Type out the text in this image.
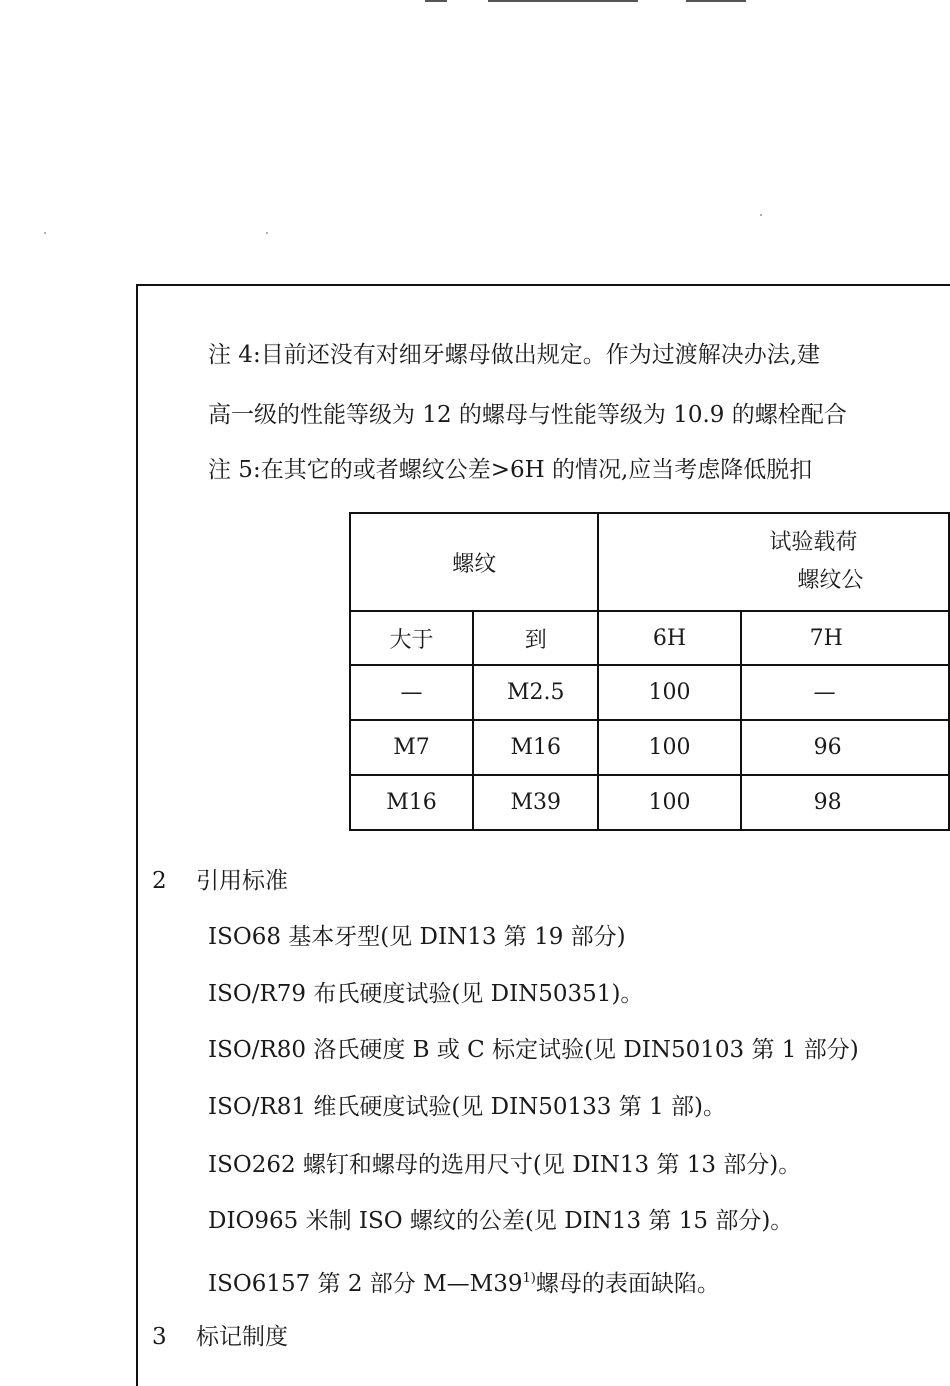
注 4:目前还没有对细牙螺母做出规定。作为过渡解决办法,建
高一级的性能等级为 12 的螺母与性能等级为 10.9 的螺栓配合
注 5:在其它的或者螺纹公差>6H 的情况,应当考虑降低脱扣
螺纹		试验载荷
螺纹公	

大于	到	6H	7H
—	M2.5	100	—
M7	M16	100	96
M16	M39	100	98
2 引用标准
ISO68 基本牙型(见 DIN13 第 19 部分)
ISO/R79 布氏硬度试验(见 DIN50351)。
ISO/R80 洛氏硬度 B 或 C 标定试验(见 DIN50103 第 1 部分)
ISO/R81 维氏硬度试验(见 DIN50133 第 1 部)。
ISO262 螺钉和螺母的选用尺寸(见 DIN13 第 13 部分)。
DIO965 米制 ISO 螺纹的公差(见 DIN13 第 15 部分)。
ISO6157 第 2 部分 M—M39$^{1)}$螺母的表面缺陷。
3 标记制度
